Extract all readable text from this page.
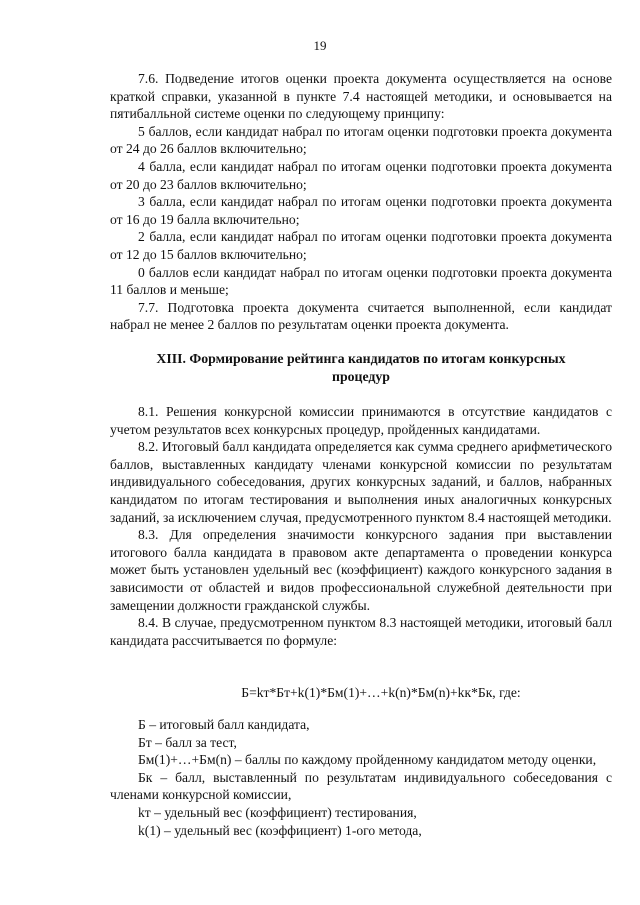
19

7.6. Подведение итогов оценки проекта документа осуществляется на основе краткой справки, указанной в пункте 7.4 настоящей методики, и основывается на пятибалльной системе оценки по следующему принципу:

5 баллов, если кандидат набрал по итогам оценки подготовки проекта документа от 24 до 26 баллов включительно;

4 балла, если кандидат набрал по итогам оценки подготовки проекта документа от 20 до 23 баллов включительно;

3 балла, если кандидат набрал по итогам оценки подготовки проекта документа от 16 до 19 балла включительно;

2 балла, если кандидат набрал по итогам оценки подготовки проекта документа от 12 до 15 баллов включительно;

0 баллов если кандидат набрал по итогам оценки подготовки проекта документа 11 баллов и меньше;

7.7. Подготовка проекта документа считается выполненной, если кандидат набрал не менее 2 баллов по результатам оценки проекта документа.

XIII. Формирование рейтинга кандидатов по итогам конкурсных процедур

8.1. Решения конкурсной комиссии принимаются в отсутствие кандидатов с учетом результатов всех конкурсных процедур, пройденных кандидатами.

8.2. Итоговый балл кандидата определяется как сумма среднего арифметического баллов, выставленных кандидату членами конкурсной комиссии по результатам индивидуального собеседования, других конкурсных заданий, и баллов, набранных кандидатом по итогам тестирования и выполнения иных аналогичных конкурсных заданий, за исключением случая, предусмотренного пунктом 8.4 настоящей методики.

8.3. Для определения значимости конкурсного задания при выставлении итогового балла кандидата в правовом акте департамента о проведении конкурса может быть установлен удельный вес (коэффициент) каждого конкурсного задания в зависимости от областей и видов профессиональной служебной деятельности при замещении должности гражданской службы.

8.4. В случае, предусмотренном пунктом 8.3 настоящей методики, итоговый балл кандидата рассчитывается по формуле:

Б=kт*Бт+k(1)*Бм(1)+…+k(n)*Бм(n)+kк*Бк, где:

Б – итоговый балл кандидата,

Бт – балл за тест,

Бм(1)+…+Бм(n) – баллы по каждому пройденному кандидатом методу оценки,

Бк – балл, выставленный по результатам индивидуального собеседования с членами конкурсной комиссии,

kт – удельный вес (коэффициент) тестирования,

k(1) – удельный вес (коэффициент) 1-ого метода,
